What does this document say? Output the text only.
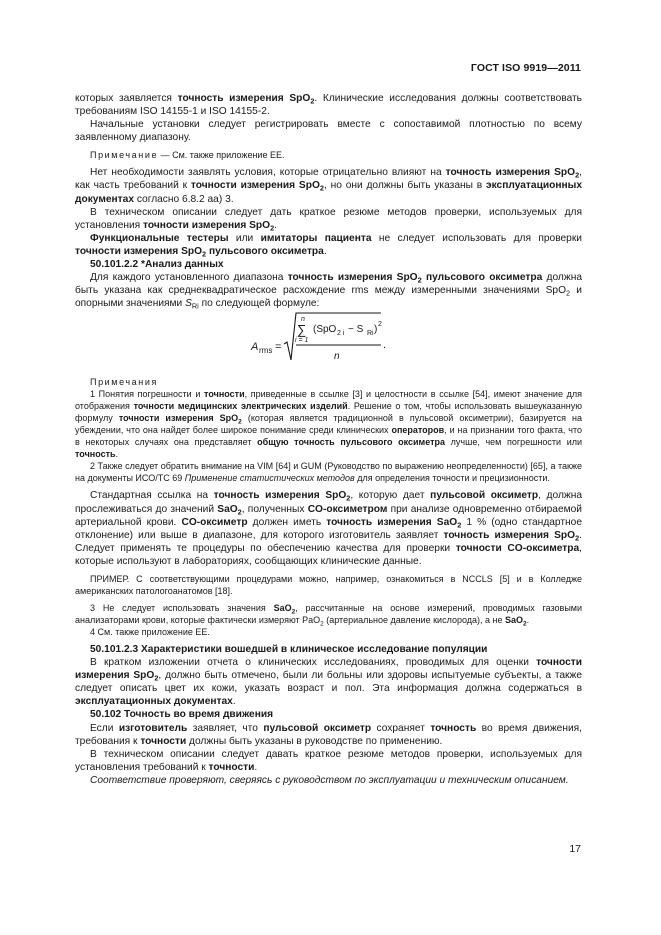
ГОСТ ISO 9919—2011

которых заявляется точность измерения SpO$_2$. Клинические исследования должны соответствовать требованиям ISO 14155-1 и ISO 14155-2.

Начальные установки следует регистрировать вместе с сопоставимой плотностью по всему заявленному диапазону.

Примечание — См. также приложение ЕЕ.

Нет необходимости заявлять условия, которые отрицательно влияют на точность измерения SpO$_2$, как часть требований к точности измерения SpO$_2$, но они должны быть указаны в эксплуатационных документах согласно 6.8.2 аа) 3.

В техническом описании следует дать краткое резюме методов проверки, используемых для установления точности измерения SpO$_2$.

Функциональные тестеры или имитаторы пациента не следует использовать для проверки точности измерения SpO$_2$ пульсового оксиметра.

50.101.2.2 *Анализ данных

Для каждого установленного диапазона точность измерения SpO$_2$ пульсового оксиметра должна быть указана как среднеквадратическое расхождение rms между измеренными значениями SpO$_2$ и опорными значениями $S_{Ri}$ по следующей формуле:

A rms =
n
∑
i = 1
(SpO 2 i − S Ri ) 2
n
.

Примечания

1 Понятия погрешности и точности, приведенные в ссылке [3] и целостности в ссылке [54], имеют значение для отображения точности медицинских электрических изделий. Решение о том, чтобы использовать вышеуказанную формулу точности измерения SpO$_2$ (которая является традиционной в пульсовой оксиметрии), базируется на убеждении, что она найдет более широкое понимание среди клинических операторов, и на признании того факта, что в некоторых случаях она представляет общую точность пульсового оксиметра лучше, чем погрешности или точность.

2 Также следует обратить внимание на VIM [64] и GUM (Руководство по выражению неопределенности) [65], а также на документы ИСО/ТС 69 Применение статистических методов для определения точности и прецизионности.

Стандартная ссылка на точность измерения SpO$_2$, которую дает пульсовой оксиметр, должна прослеживаться до значений SaO$_2$, полученных CO-оксиметром при анализе одновременно отбираемой артериальной крови. CO-оксиметр должен иметь точность измерения SaO$_2$ 1 % (одно стандартное отклонение) или выше в диапазоне, для которого изготовитель заявляет точность измерения SpO$_2$. Следует применять те процедуры по обеспечению качества для проверки точности CO-оксиметра, которые используют в лабораториях, сообщающих клинические данные.

ПРИМЕР. С соответствующими процедурами можно, например, ознакомиться в NCCLS [5] и в Колледже американских патологоанатомов [18].

3 Не следует использовать значения SaO$_2$, рассчитанные на основе измерений, проводимых газовыми анализаторами крови, которые фактически измеряют PaO$_2$ (артериальное давление кислорода), а не SaO$_2$.

4 См. также приложение ЕЕ.

50.101.2.3 Характеристики вошедшей в клиническое исследование популяции

В кратком изложении отчета о клинических исследованиях, проводимых для оценки точности измерения SpO$_2$, должно быть отмечено, были ли больны или здоровы испытуемые субъекты, а также следует описать цвет их кожи, указать возраст и пол. Эта информация должна содержаться в эксплуатационных документах.

50.102 Точность во время движения

Если изготовитель заявляет, что пульсовой оксиметр сохраняет точность во время движения, требования к точности должны быть указаны в руководстве по применению.

В техническом описании следует давать краткое резюме методов проверки, используемых для установления требований к точности.

Соответствие проверяют, сверяясь с руководством по эксплуатации и техническим описанием.

17
